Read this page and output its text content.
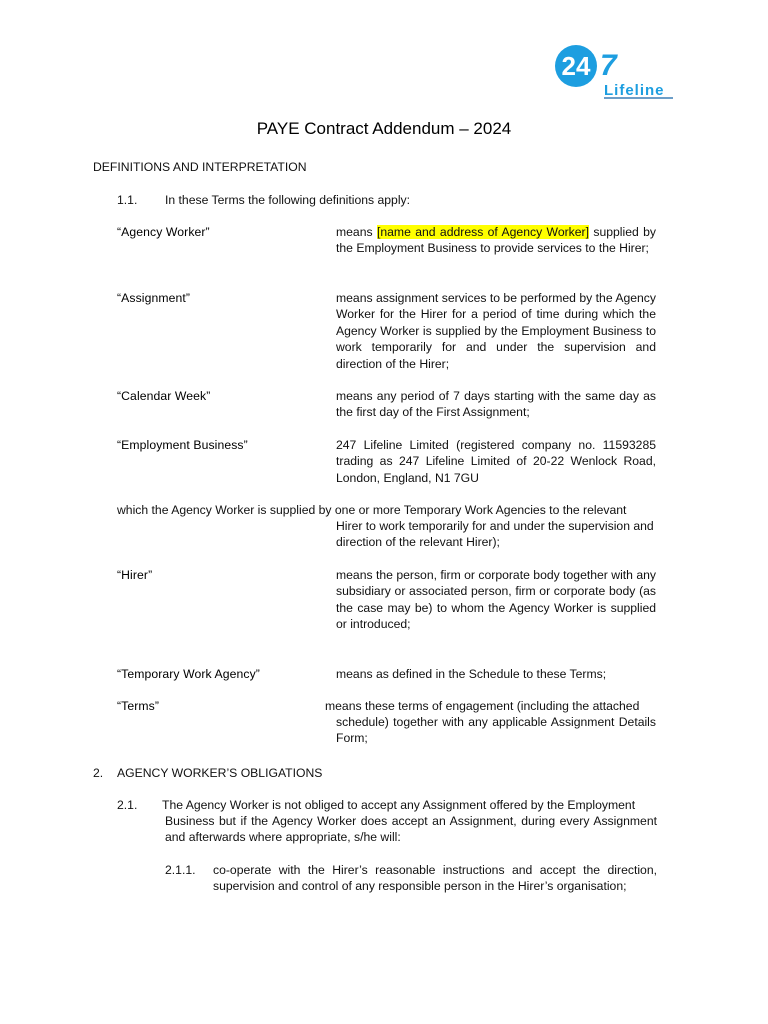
24 7
Lifeline
PAYE Contract Addendum – 2024
DEFINITIONS AND INTERPRETATION
1.1. In these Terms the following definitions apply:
“Agency Worker”	means [name and address of Agency Worker] supplied by the Employment Business to provide services to the Hirer;
“Assignment”	means assignment services to be performed by the Agency Worker for the Hirer for a period of time during which the Agency Worker is supplied by the Employment Business to work temporarily for and under the supervision and direction of the Hirer;
“Calendar Week”	means any period of 7 days starting with the same day as the first day of the First Assignment;
“Employment Business”	247 Lifeline Limited (registered company no. 11593285 trading as 247 Lifeline Limited of 20-22 Wenlock Road, London, England, N1 7GU
which the Agency Worker is supplied by one or more Temporary Work Agencies to the relevant
Hirer to work temporarily for and under the supervision and direction of the relevant Hirer);
“Hirer”	means the person, firm or corporate body together with any subsidiary or associated person, firm or corporate body (as the case may be) to whom the Agency Worker is supplied or introduced;
“Temporary Work Agency”	means as defined in the Schedule to these Terms;
“Terms”	means these terms of engagement (including the attached
schedule) together with any applicable Assignment Details Form;
2. AGENCY WORKER’S OBLIGATIONS
2.1. The Agency Worker is not obliged to accept any Assignment offered by the Employment
Business but if the Agency Worker does accept an Assignment, during every Assignment and afterwards where appropriate, s/he will:
2.1.1. co-operate with the Hirer’s reasonable instructions and accept the direction, supervision and control of any responsible person in the Hirer’s organisation;
